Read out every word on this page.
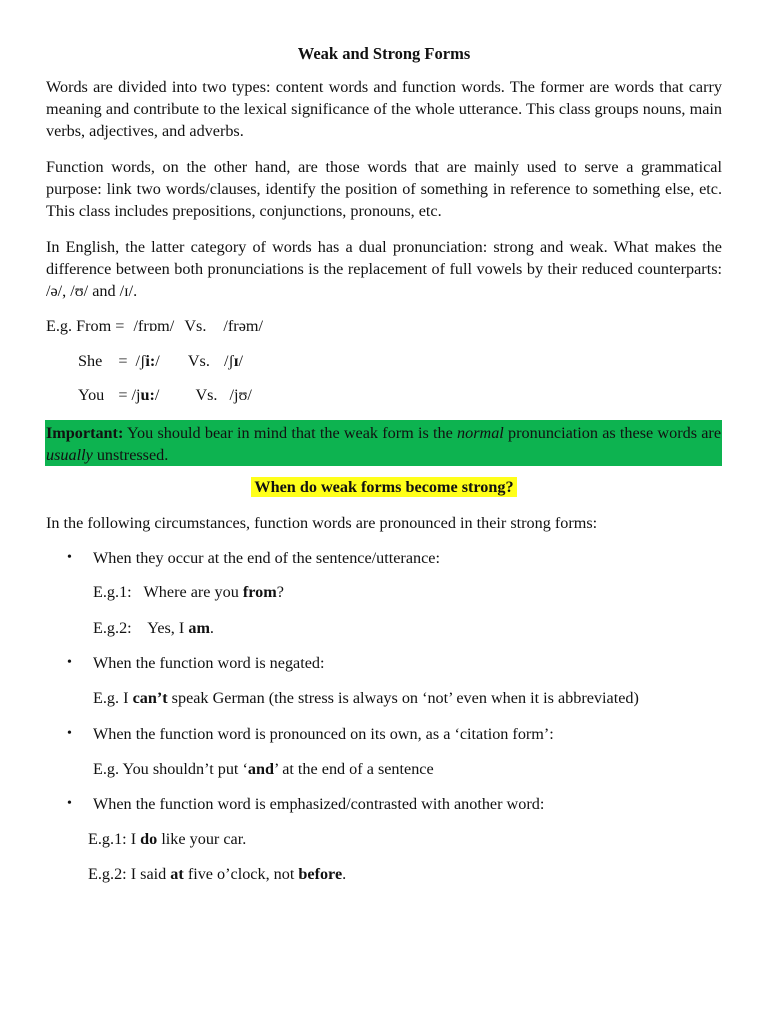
Weak and Strong Forms

Words are divided into two types: content words and function words. The former are words that carry meaning and contribute to the lexical significance of the whole utterance. This class groups nouns, main verbs, adjectives, and adverbs.

Function words, on the other hand, are those words that are mainly used to serve a grammatical purpose: link two words/clauses, identify the position of something in reference to something else, etc. This class includes prepositions, conjunctions, pronouns, etc.

In English, the latter category of words has a dual pronunciation: strong and weak. What makes the difference between both pronunciations is the replacement of full vowels by their reduced counterparts: /ə/, /ʊ/ and /ɪ/.

E.g. From = /frɒm/ Vs. /frəm/
She = /ʃi:/ Vs. /ʃɪ/
You = /ju:/ Vs. /jʊ/
Important: You should bear in mind that the weak form is the normal pronunciation as these words are usually unstressed.
When do weak forms become strong?
In the following circumstances, function words are pronounced in their strong forms:
• When they occur at the end of the sentence/utterance:
E.g.1:   Where are you from?
E.g.2:    Yes, I am.
• When the function word is negated:
E.g. I can’t speak German (the stress is always on ‘not’ even when it is abbreviated)
• When the function word is pronounced on its own, as a ‘citation form’:
E.g. You shouldn’t put ‘and’ at the end of a sentence
• When the function word is emphasized/contrasted with another word:
E.g.1: I do like your car.
E.g.2: I said at five o’clock, not before.
